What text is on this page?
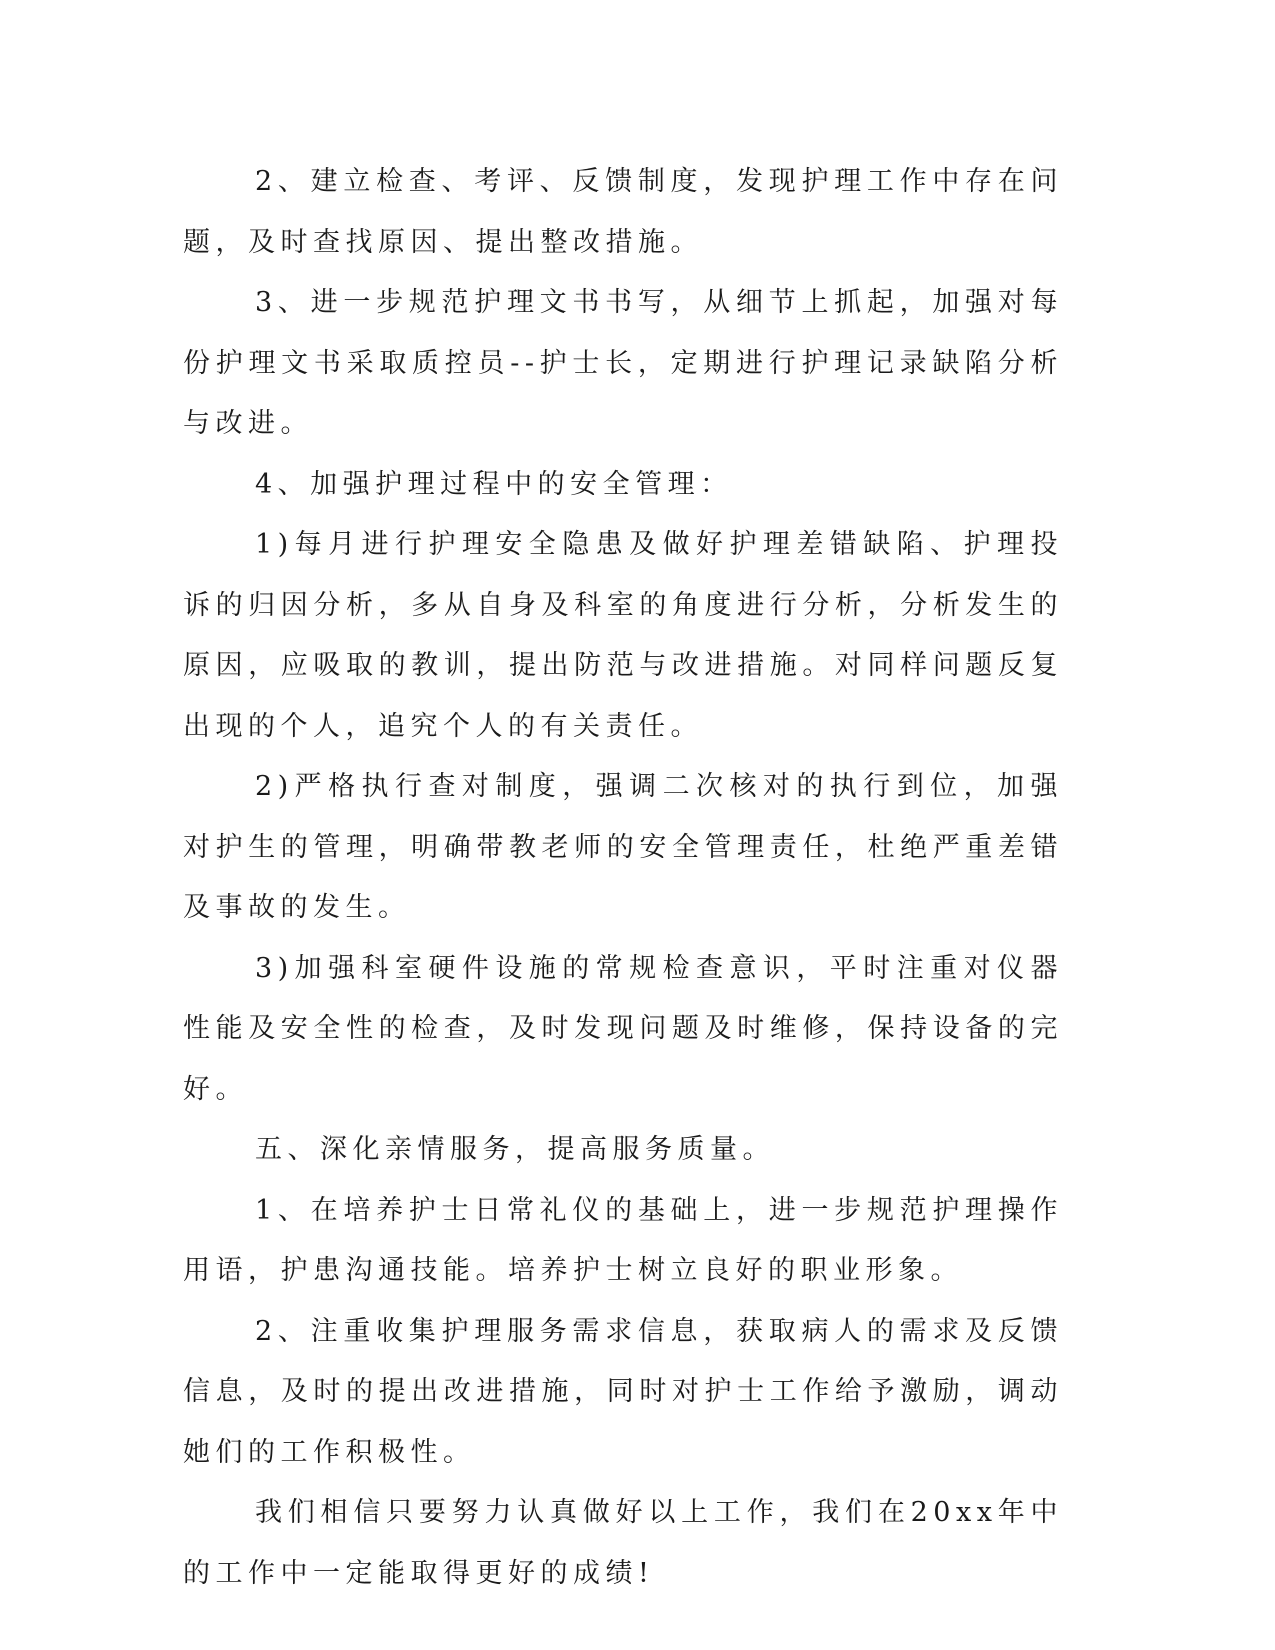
2、建立检查、考评、反馈制度，发现护理工作中存在问题，及时查找原因、提出整改措施。

3、进一步规范护理文书书写，从细节上抓起，加强对每份护理文书采取质控员--护士长，定期进行护理记录缺陷分析与改进。

4、加强护理过程中的安全管理：

1)每月进行护理安全隐患及做好护理差错缺陷、护理投诉的归因分析，多从自身及科室的角度进行分析，分析发生的原因，应吸取的教训，提出防范与改进措施。对同样问题反复出现的个人，追究个人的有关责任。

2)严格执行查对制度，强调二次核对的执行到位，加强对护生的管理，明确带教老师的安全管理责任，杜绝严重差错及事故的发生。

3)加强科室硬件设施的常规检查意识，平时注重对仪器性能及安全性的检查，及时发现问题及时维修，保持设备的完好。

五、深化亲情服务，提高服务质量。

1、在培养护士日常礼仪的基础上，进一步规范护理操作用语，护患沟通技能。培养护士树立良好的职业形象。

2、注重收集护理服务需求信息，获取病人的需求及反馈信息，及时的提出改进措施，同时对护士工作给予激励，调动她们的工作积极性。

我们相信只要努力认真做好以上工作，我们在20xx年中的工作中一定能取得更好的成绩!
